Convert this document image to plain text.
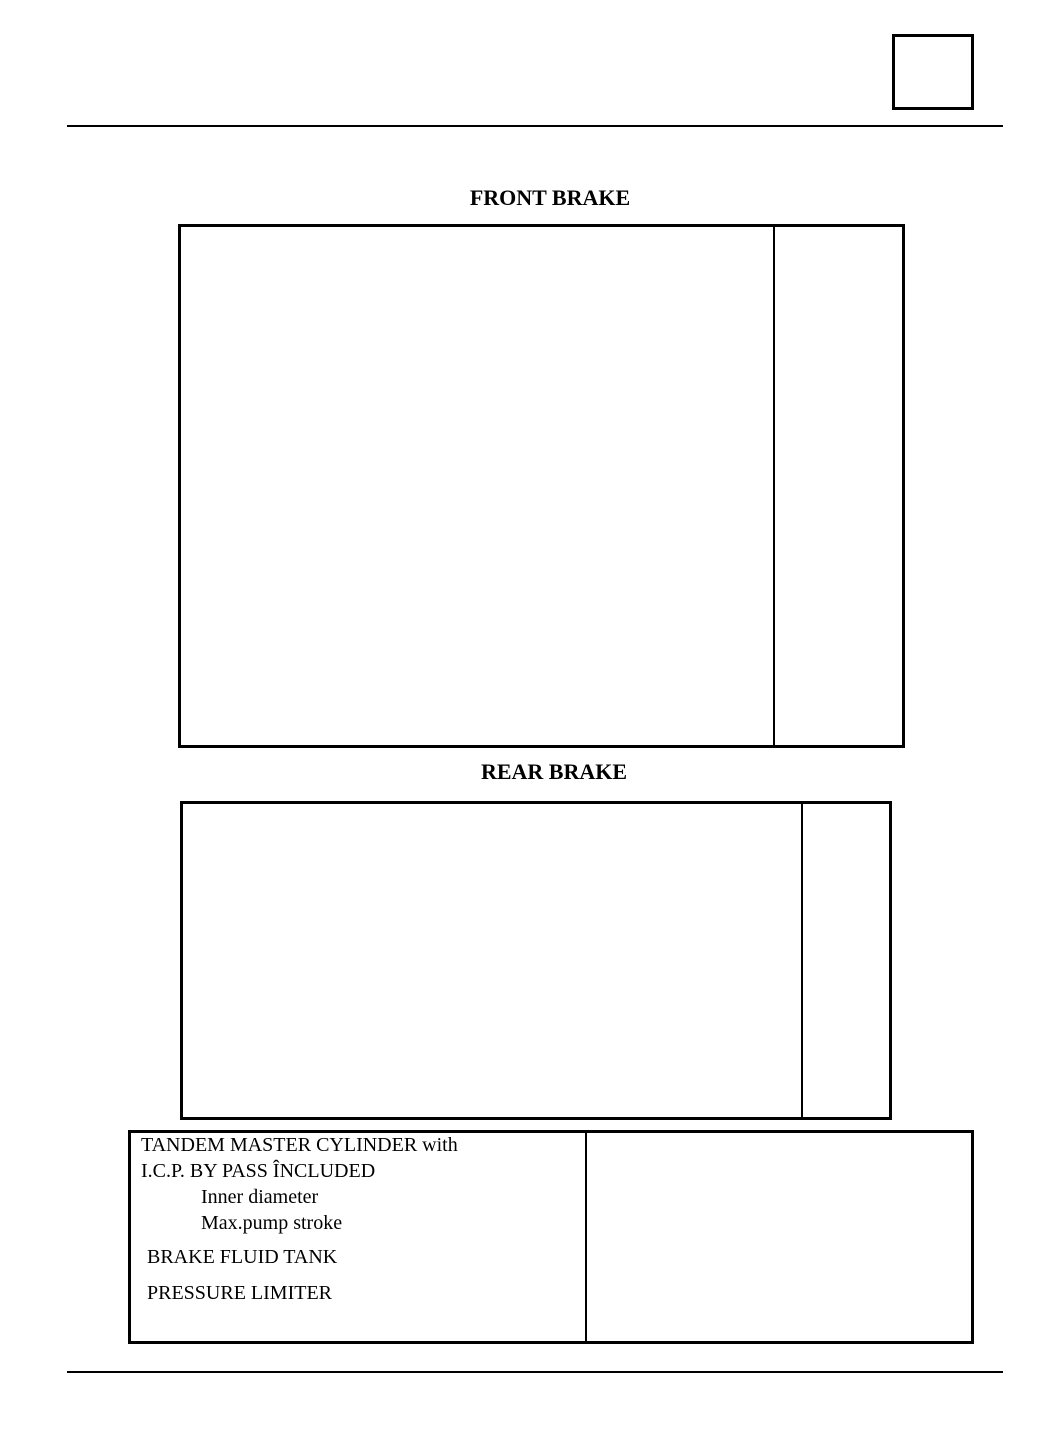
FRONT BRAKE
REAR BRAKE
TANDEM MASTER CYLINDER with
I.C.P. BY PASS ÎNCLUDED
Inner diameter
Max.pump stroke
BRAKE FLUID TANK
PRESSURE LIMITER
